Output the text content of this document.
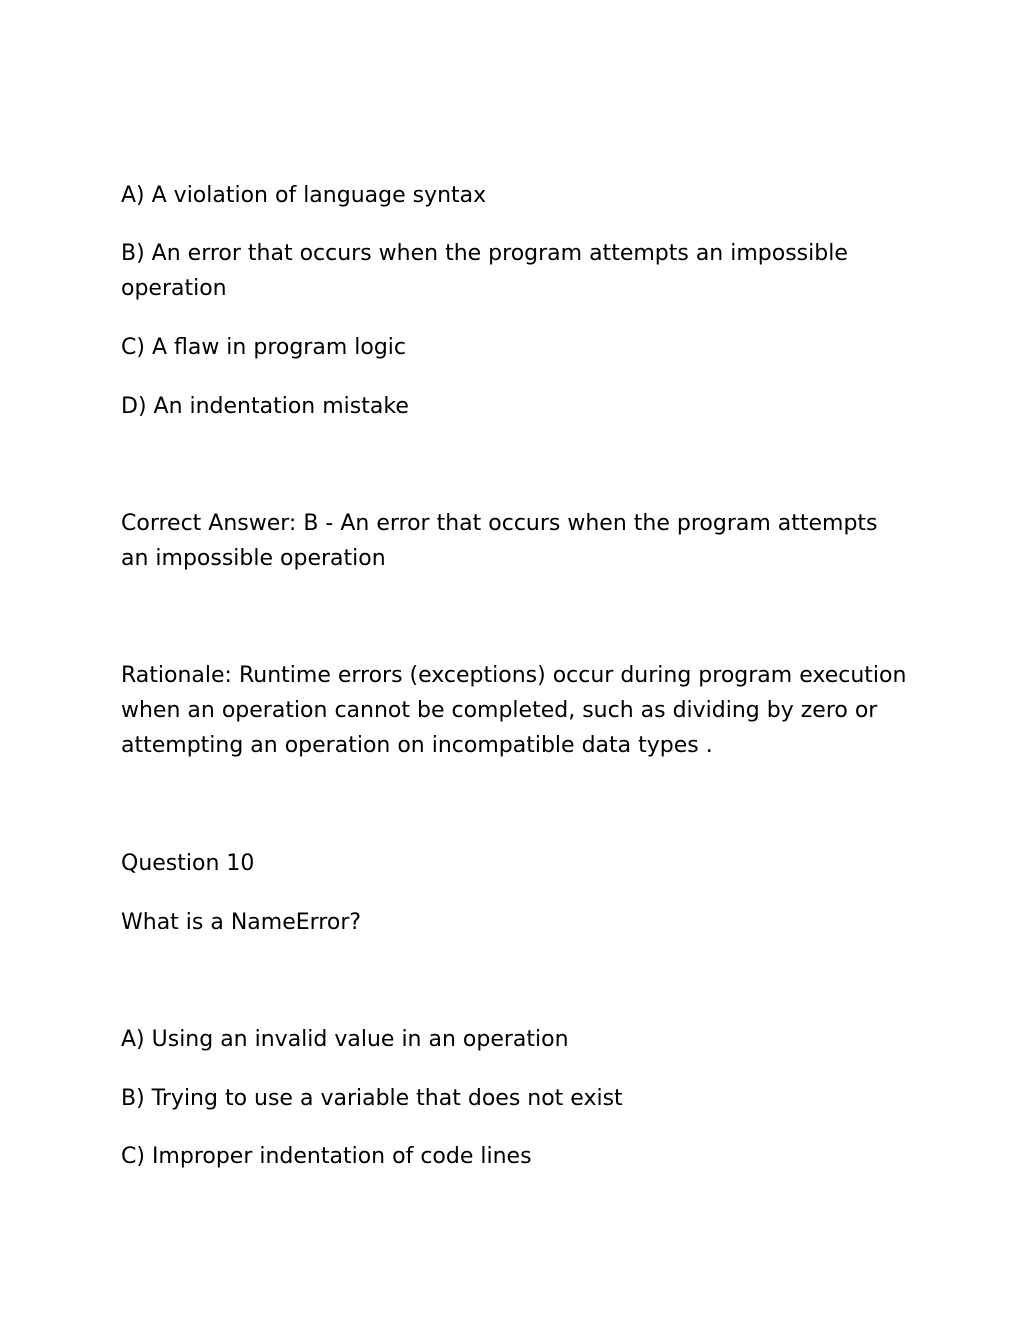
A) A violation of language syntax

B) An error that occurs when the program attempts an impossible operation

C) A flaw in program logic

D) An indentation mistake

Correct Answer: B - An error that occurs when the program attempts an impossible operation

Rationale: Runtime errors (exceptions) occur during program execution when an operation cannot be completed, such as dividing by zero or attempting an operation on incompatible data types .

Question 10

What is a NameError?

A) Using an invalid value in an operation

B) Trying to use a variable that does not exist

C) Improper indentation of code lines
